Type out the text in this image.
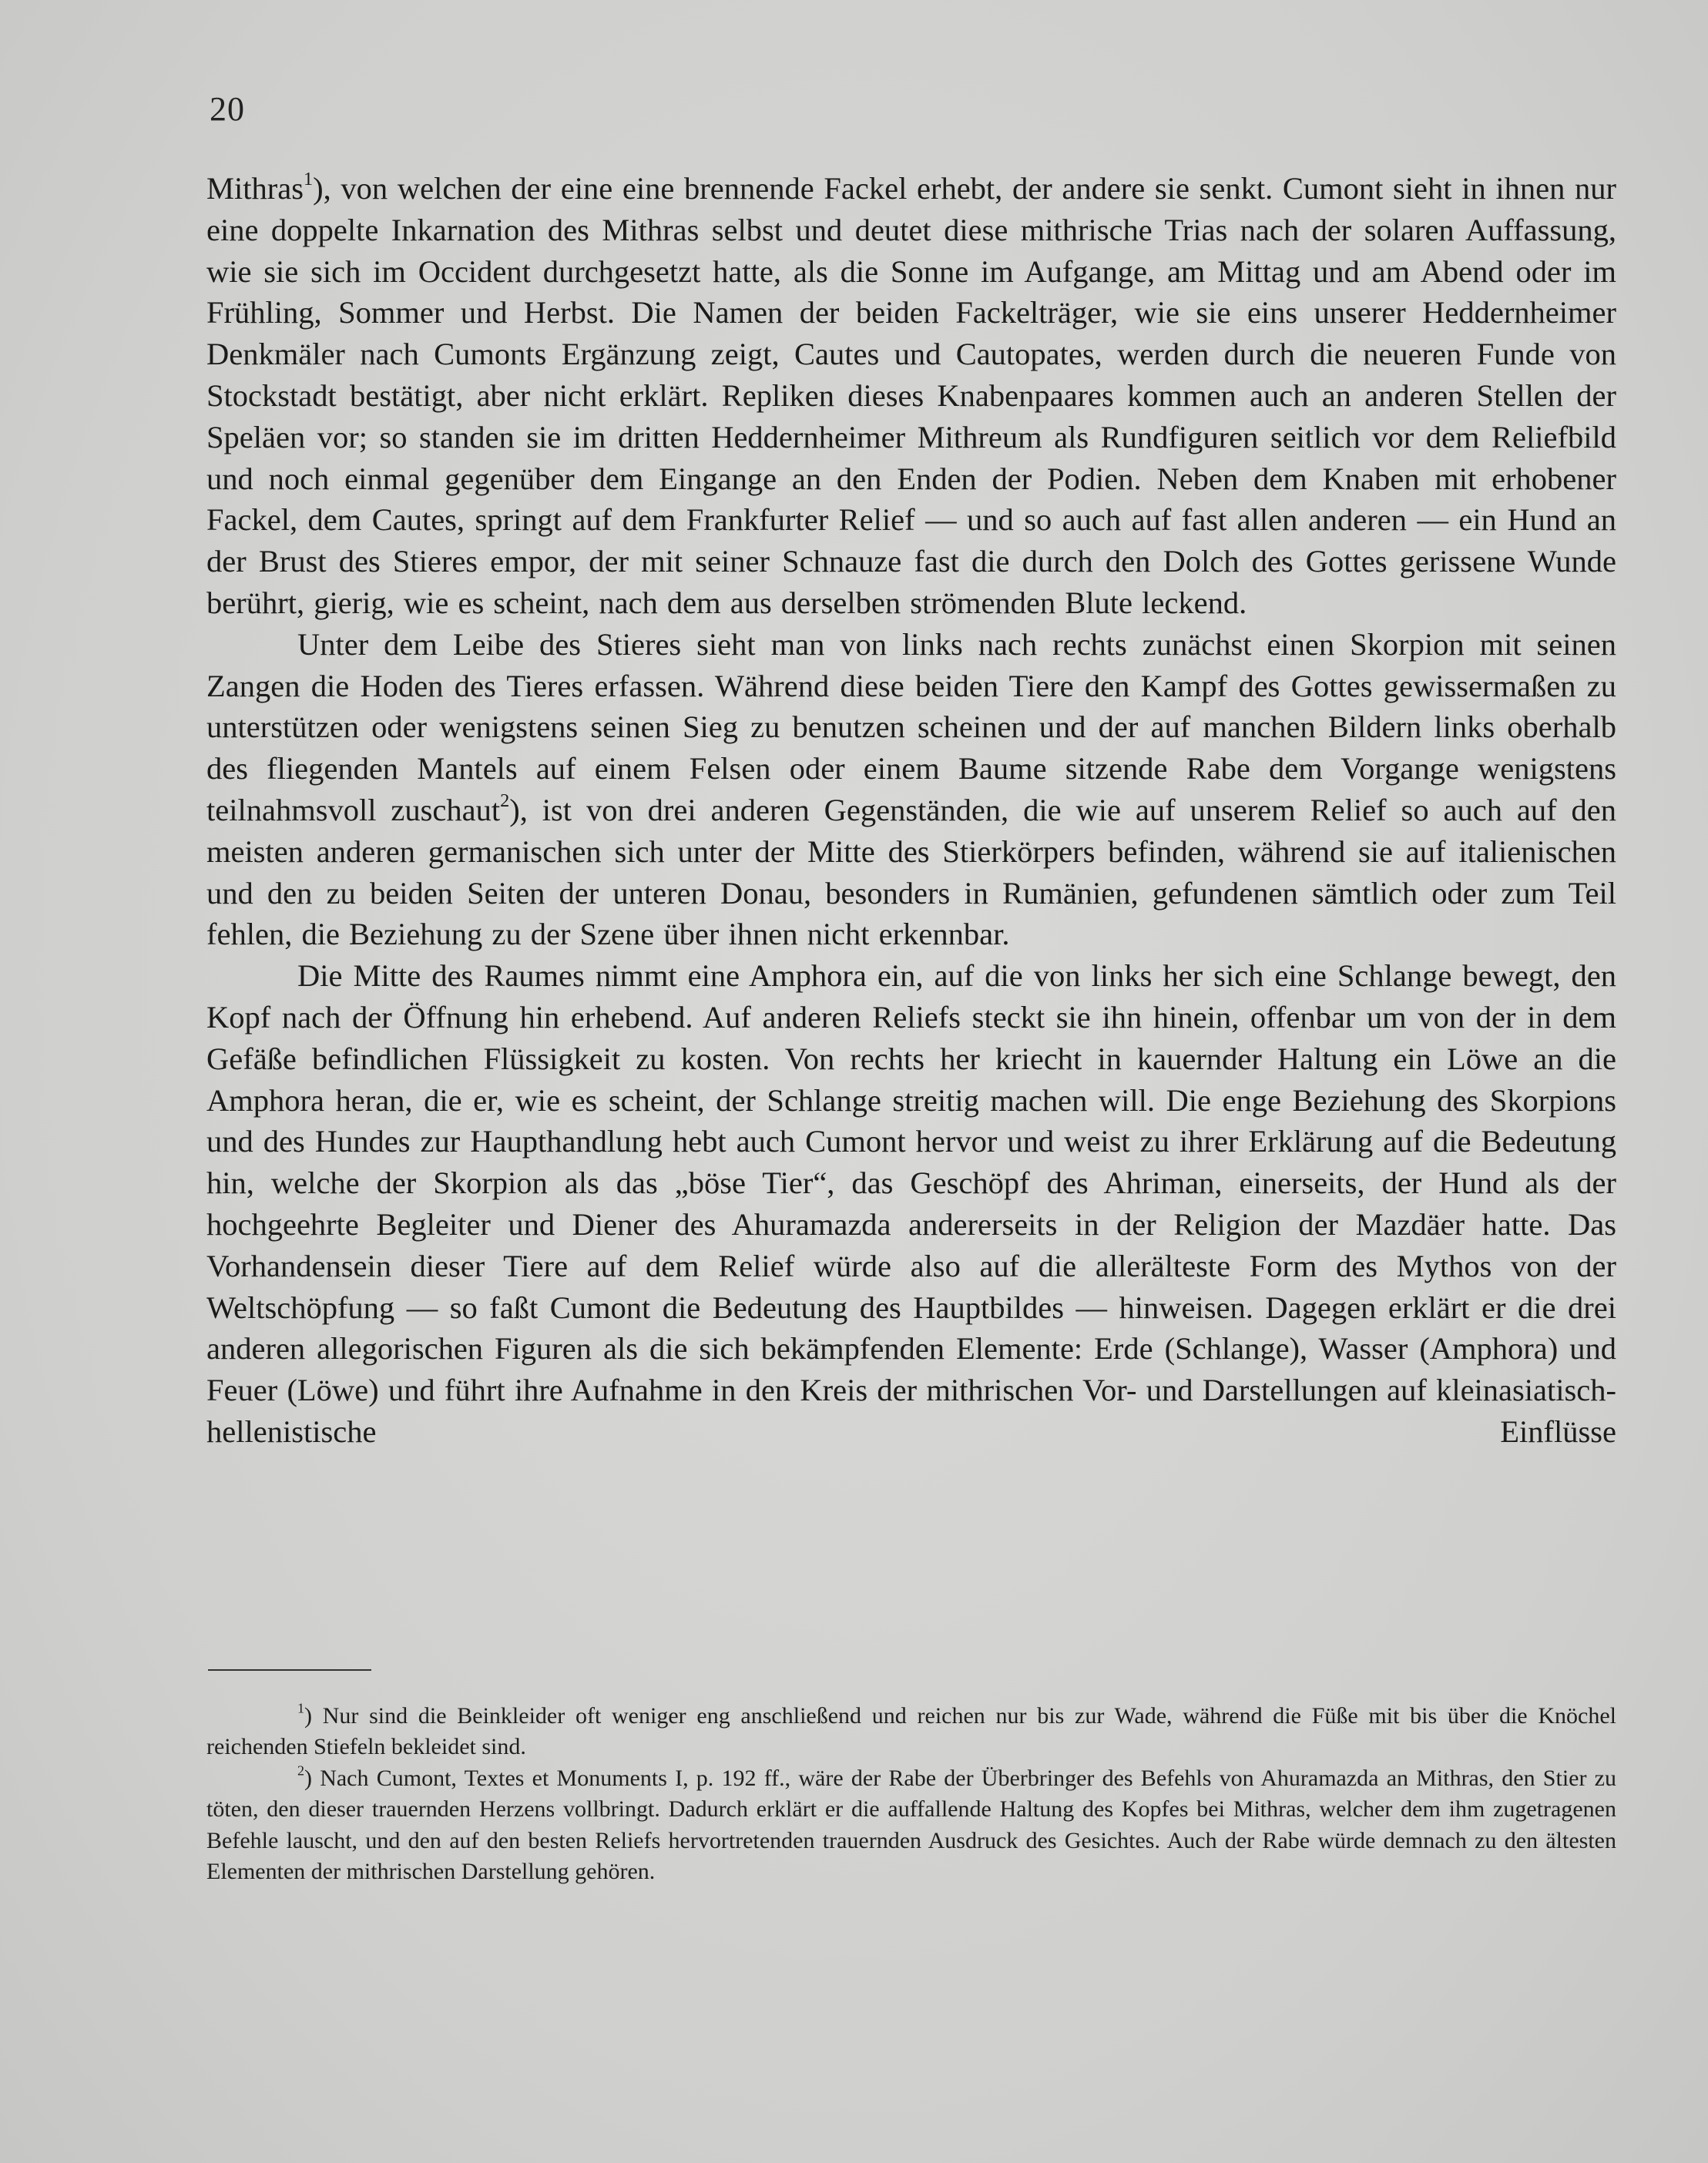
20

Mithras$^1$), von welchen der eine eine brennende Fackel erhebt, der andere sie senkt. Cumont sieht in ihnen nur eine doppelte Inkarnation des Mithras selbst und deutet diese mithrische Trias nach der solaren Auffassung, wie sie sich im Occident durchgesetzt hatte, als die Sonne im Aufgange, am Mittag und am Abend oder im Frühling, Sommer und Herbst. Die Namen der beiden Fackelträger, wie sie eins unserer Heddernheimer Denkmäler nach Cumonts Ergänzung zeigt, Cautes und Cautopates, werden durch die neueren Funde von Stockstadt bestätigt, aber nicht erklärt. Repliken dieses Knabenpaares kommen auch an anderen Stellen der Speläen vor; so standen sie im dritten Heddernheimer Mithreum als Rundfiguren seitlich vor dem Reliefbild und noch einmal gegenüber dem Eingange an den Enden der Podien. Neben dem Knaben mit erhobener Fackel, dem Cautes, springt auf dem Frankfurter Relief — und so auch auf fast allen anderen — ein Hund an der Brust des Stieres empor, der mit seiner Schnauze fast die durch den Dolch des Gottes gerissene Wunde berührt, gierig, wie es scheint, nach dem aus derselben strömenden Blute leckend.

Unter dem Leibe des Stieres sieht man von links nach rechts zunächst einen Skorpion mit seinen Zangen die Hoden des Tieres erfassen. Während diese beiden Tiere den Kampf des Gottes gewissermaßen zu unterstützen oder wenigstens seinen Sieg zu benutzen scheinen und der auf manchen Bildern links oberhalb des fliegenden Mantels auf einem Felsen oder einem Baume sitzende Rabe dem Vorgange wenigstens teilnahmsvoll zuschaut$^2$), ist von drei anderen Gegenständen, die wie auf unserem Relief so auch auf den meisten anderen germanischen sich unter der Mitte des Stierkörpers befinden, während sie auf italienischen und den zu beiden Seiten der unteren Donau, besonders in Rumänien, gefundenen sämtlich oder zum Teil fehlen, die Beziehung zu der Szene über ihnen nicht erkennbar.

Die Mitte des Raumes nimmt eine Amphora ein, auf die von links her sich eine Schlange bewegt, den Kopf nach der Öffnung hin erhebend. Auf anderen Reliefs steckt sie ihn hinein, offenbar um von der in dem Gefäße befindlichen Flüssigkeit zu kosten. Von rechts her kriecht in kauernder Haltung ein Löwe an die Amphora heran, die er, wie es scheint, der Schlange streitig machen will. Die enge Beziehung des Skorpions und des Hundes zur Haupthandlung hebt auch Cumont hervor und weist zu ihrer Erklärung auf die Bedeutung hin, welche der Skorpion als das „böse Tier“, das Geschöpf des Ahriman, einerseits, der Hund als der hochgeehrte Begleiter und Diener des Ahuramazda andererseits in der Religion der Mazdäer hatte. Das Vorhandensein dieser Tiere auf dem Relief würde also auf die allerälteste Form des Mythos von der Weltschöpfung — so faßt Cumont die Bedeutung des Hauptbildes — hinweisen. Dagegen erklärt er die drei anderen allegorischen Figuren als die sich bekämpfenden Elemente: Erde (Schlange), Wasser (Amphora) und Feuer (Löwe) und führt ihre Aufnahme in den Kreis der mithrischen Vor- und Darstellungen auf kleinasiatisch-hellenistische Einflüsse

$^1$) Nur sind die Beinkleider oft weniger eng anschließend und reichen nur bis zur Wade, während die Füße mit bis über die Knöchel reichenden Stiefeln bekleidet sind.

$^2$) Nach Cumont, Textes et Monuments I, p. 192 ff., wäre der Rabe der Überbringer des Befehls von Ahuramazda an Mithras, den Stier zu töten, den dieser trauernden Herzens vollbringt. Dadurch erklärt er die auffallende Haltung des Kopfes bei Mithras, welcher dem ihm zugetragenen Befehle lauscht, und den auf den besten Reliefs hervortretenden trauernden Ausdruck des Gesichtes. Auch der Rabe würde demnach zu den ältesten Elementen der mithrischen Darstellung gehören.
